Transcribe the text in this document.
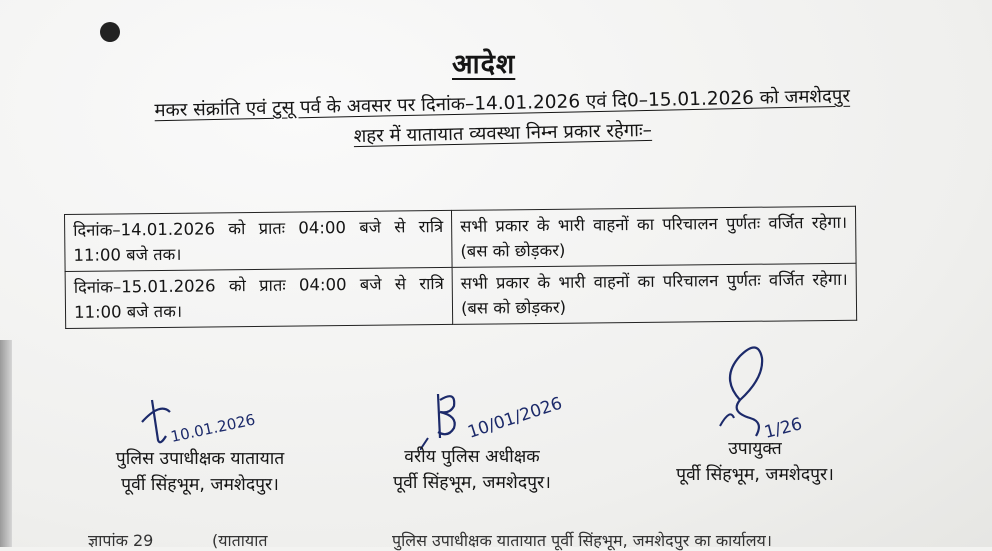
आदेश
मकर संक्रांति एवं टुसू पर्व के अवसर पर दिनांक–14.01.2026 एवं दि0–15.01.2026 को जमशेदपुर
शहर में यातायात व्यवस्था निम्न प्रकार रहेगाः–
दिनांक–14.01.2026 को प्रातः 04:00 बजे से रात्रि 11:00 बजे तक।	सभी प्रकार के भारी वाहनों का परिचालन पुर्णतः वर्जित रहेगा। (बस को छोड़कर)
दिनांक–15.01.2026 को प्रातः 04:00 बजे से रात्रि 11:00 बजे तक।	सभी प्रकार के भारी वाहनों का परिचालन पुर्णतः वर्जित रहेगा। (बस को छोड़कर)
10.01.2026
पुलिस उपाधीक्षक यातायात
पूर्वी सिंहभूम, जमशेदपुर।
10/01/2026
वरीय पुलिस अधीक्षक
पूर्वी सिंहभूम, जमशेदपुर।
1/26
उपायुक्त
पूर्वी सिंहभूम, जमशेदपुर।
ज्ञापांक 29	(यातायात	पुलिस उपाधीक्षक यातायात पूर्वी सिंहभूम, जमशेदपुर का कार्यालय।
